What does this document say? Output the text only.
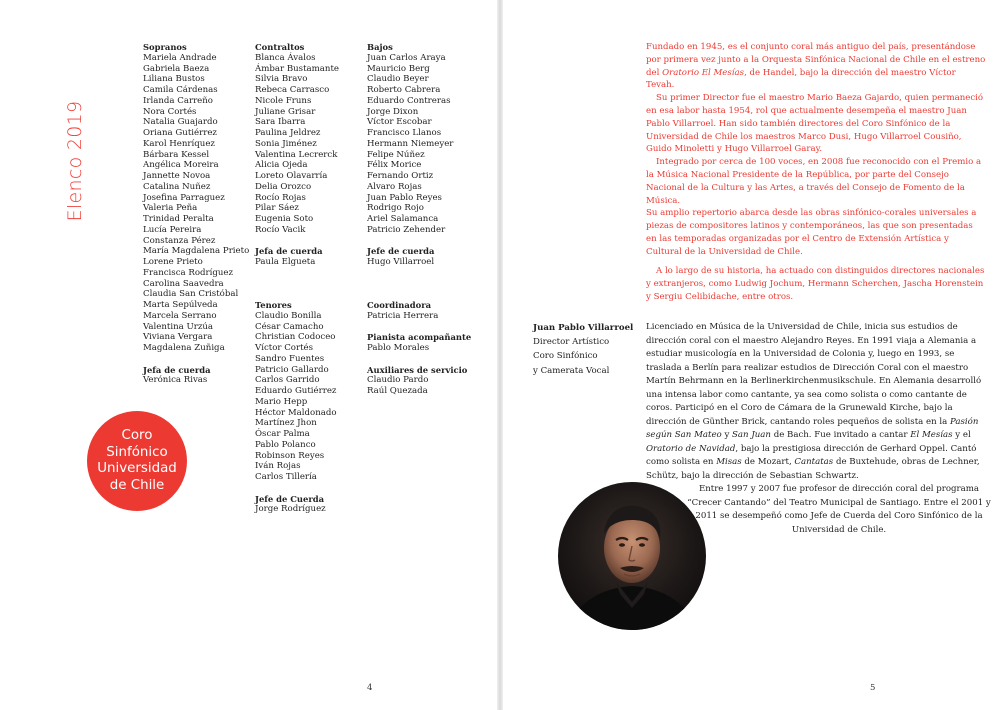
Elenco 2019
Sopranos
Mariela Andrade
Gabriela Baeza
Liliana Bustos
Camila Cárdenas
Irlanda Carreño
Nora Cortés
Natalia Guajardo
Oriana Gutiérrez
Karol Henríquez
Bárbara Kessel
Angélica Moreira
Jannette Novoa
Catalina Nuñez
Josefina Parraguez
Valeria Peña
Trinidad Peralta
Lucía Pereira
Constanza Pérez
María Magdalena Prieto
Lorene Prieto
Francisca Rodríguez
Carolina Saavedra
Claudia San Cristóbal
Marta Sepúlveda
Marcela Serrano
Valentina Urzúa
Viviana Vergara
Magdalena Zuñiga
Jefa de cuerda
Verónica Rivas
Contraltos
Blanca Ávalos
Ámbar Bustamante
Silvia Bravo
Rebeca Carrasco
Nicole Fruns
Juliane Grisar
Sara Ibarra
Paulina Jeldrez
Sonia Jiménez
Valentina Lecrerck
Alicia Ojeda
Loreto Olavarría
Delia Orozco
Rocío Rojas
Pilar Sáez
Eugenia Soto
Rocío Vacik
Jefa de cuerda
Paula Elgueta
Tenores
Claudio Bonilla
César Camacho
Christian Codoceo
Víctor Cortés
Sandro Fuentes
Patricio Gallardo
Carlos Garrido
Eduardo Gutiérrez
Mario Hepp
Héctor Maldonado
Martínez Jhon
Óscar Palma
Pablo Polanco
Robinson Reyes
Iván Rojas
Carlos Tillería
Jefe de Cuerda
Jorge Rodríguez
Bajos
Juan Carlos Araya
Mauricio Berg
Claudio Beyer
Roberto Cabrera
Eduardo Contreras
Jorge Dixon
Víctor Escobar
Francisco Llanos
Hermann Niemeyer
Felipe Núñez
Félix Morice
Fernando Ortiz
Alvaro Rojas
Juan Pablo Reyes
Rodrigo Rojo
Ariel Salamanca
Patricio Zehender
Jefe de cuerda
Hugo Villarroel
Coordinadora
Patricia Herrera
Pianista acompañante
Pablo Morales
Auxiliares de servicio
Claudio Pardo
Raúl Quezada
Coro
Sinfónico
Universidad
de Chile
4

Fundado en 1945, es el conjunto coral más antiguo del país, presentándose por primera vez junto a la Orquesta Sinfónica Nacional de Chile en el estreno del Oratorio El Mesías, de Handel, bajo la dirección del maestro Víctor Tevah.

Su primer Director fue el maestro Mario Baeza Gajardo, quien permaneció en esa labor hasta 1954, rol que actualmente desempeña el maestro Juan Pablo Villarroel. Han sido también directores del Coro Sinfónico de la Universidad de Chile los maestros Marco Dusi, Hugo Villarroel Cousiño, Guido Minoletti y Hugo Villarroel Garay.

Integrado por cerca de 100 voces, en 2008 fue reconocido con el Premio a la Música Nacional Presidente de la República, por parte del Consejo Nacional de la Cultura y las Artes, a través del Consejo de Fomento de la Música.

Su amplio repertorio abarca desde las obras sinfónico-corales universales a piezas de compositores latinos y contemporáneos, las que son presentadas en las temporadas organizadas por el Centro de Extensión Artística y Cultural de la Universidad de Chile.

A lo largo de su historia, ha actuado con distinguidos directores nacionales y extranjeros, como Ludwig Jochum, Hermann Scherchen, Jascha Horenstein y Sergiu Celibidache, entre otros.

Juan Pablo Villarroel
Director Artístico
Coro Sinfónico
y Camerata Vocal

Licenciado en Música de la Universidad de Chile, inicia sus estudios de dirección coral con el maestro Alejandro Reyes. En 1991 viaja a Alemania a estudiar musicología en la Universidad de Colonia y, luego en 1993, se traslada a Berlín para realizar estudios de Dirección Coral con el maestro Martín Behrmann en la Berlinerkirchenmusikschule. En Alemania desarrolló una intensa labor como cantante, ya sea como solista o como cantante de coros. Participó en el Coro de Cámara de la Grunewald Kirche, bajo la dirección de Günther Brick, cantando roles pequeños de solista en la Pasión según San Mateo y San Juan de Bach. Fue invitado a cantar El Mesías y el Oratorio de Navidad, bajo la prestigiosa dirección de Gerhard Oppel. Cantó como solista en Misas de Mozart, Cantatas de Buxtehude, obras de Lechner, Schütz, bajo la dirección de Sebastian Schwartz.

Entre 1997 y 2007 fue profesor de dirección coral del programa “Crecer Cantando” del Teatro Municipal de Santiago. Entre el 2001 y 2011 se desempeñó como Jefe de Cuerda del Coro Sinfónico de la Universidad de Chile.

5
